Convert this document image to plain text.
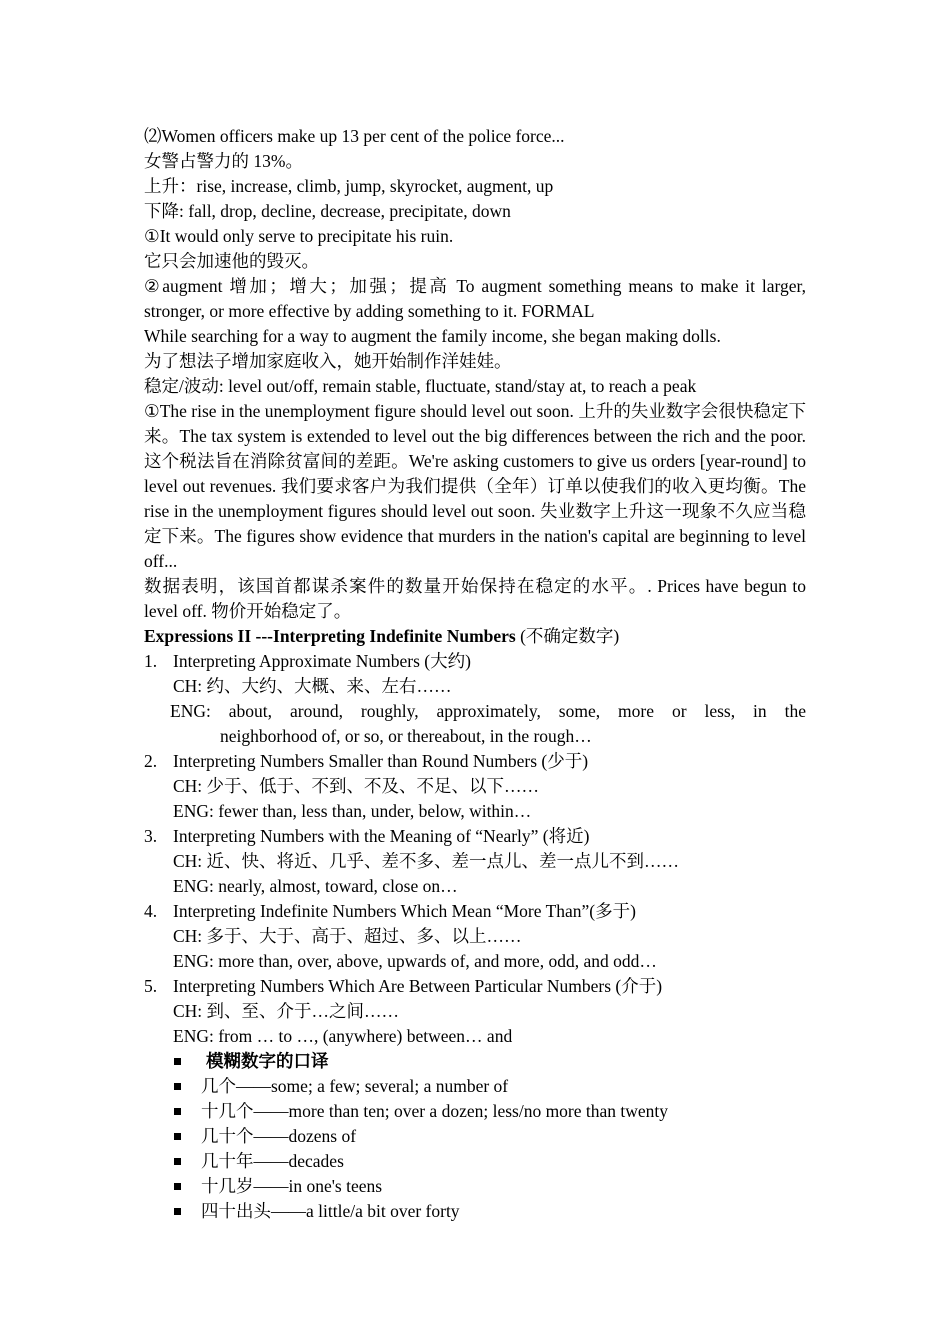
⑵Women officers make up 13 per cent of the police force...

女警占警力的 13%。

上升：rise, increase, climb, jump, skyrocket, augment, up

下降: fall, drop, decline, decrease, precipitate, down

①It would only serve to precipitate his ruin.

它只会加速他的毁灭。

②augment 增加；增大；加强；提高 To augment something means to make it larger, stronger, or more effective by adding something to it. FORMAL

While searching for a way to augment the family income, she began making dolls.

为了想法子增加家庭收入，她开始制作洋娃娃。

稳定/波动: level out/off, remain stable, fluctuate, stand/stay at, to reach a peak

①The rise in the unemployment figure should level out soon. 上升的失业数字会很快稳定下来。The tax system is extended to level out the big differences between the rich and the poor. 这个税法旨在消除贫富间的差距。We're asking customers to give us orders [year-round] to level out revenues. 我们要求客户为我们提供（全年）订单以使我们的收入更均衡。The rise in the unemployment figures should level out soon. 失业数字上升这一现象不久应当稳定下来。The figures show evidence that murders in the nation's capital are beginning to level off...

数据表明，该国首都谋杀案件的数量开始保持在稳定的水平。. Prices have begun to level off. 物价开始稳定了。

Expressions II ---Interpreting Indefinite Numbers (不确定数字)

1. Interpreting Approximate Numbers (大约)
CH: 约、大约、大概、来、左右……
ENG: about, around, roughly, approximately, some, more or less, in the
neighborhood of, or so, or thereabout, in the rough…
2. Interpreting Numbers Smaller than Round Numbers (少于)
CH: 少于、低于、不到、不及、不足、以下……
ENG: fewer than, less than, under, below, within…
3. Interpreting Numbers with the Meaning of “Nearly” (将近)
CH: 近、快、将近、几乎、差不多、差一点儿、差一点儿不到……
ENG: nearly, almost, toward, close on…
4. Interpreting Indefinite Numbers Which Mean “More Than”(多于)
CH: 多于、大于、高于、超过、多、以上……
ENG: more than, over, above, upwards of, and more, odd, and odd…
5. Interpreting Numbers Which Are Between Particular Numbers (介于)
CH: 到、至、介于…之间……
ENG: from … to …, (anywhere) between… and
模糊数字的口译
几个——some; a few; several; a number of
十几个——more than ten; over a dozen; less/no more than twenty
几十个——dozens of
几十年——decades
十几岁——in one's teens
四十出头——a little/a bit over forty
